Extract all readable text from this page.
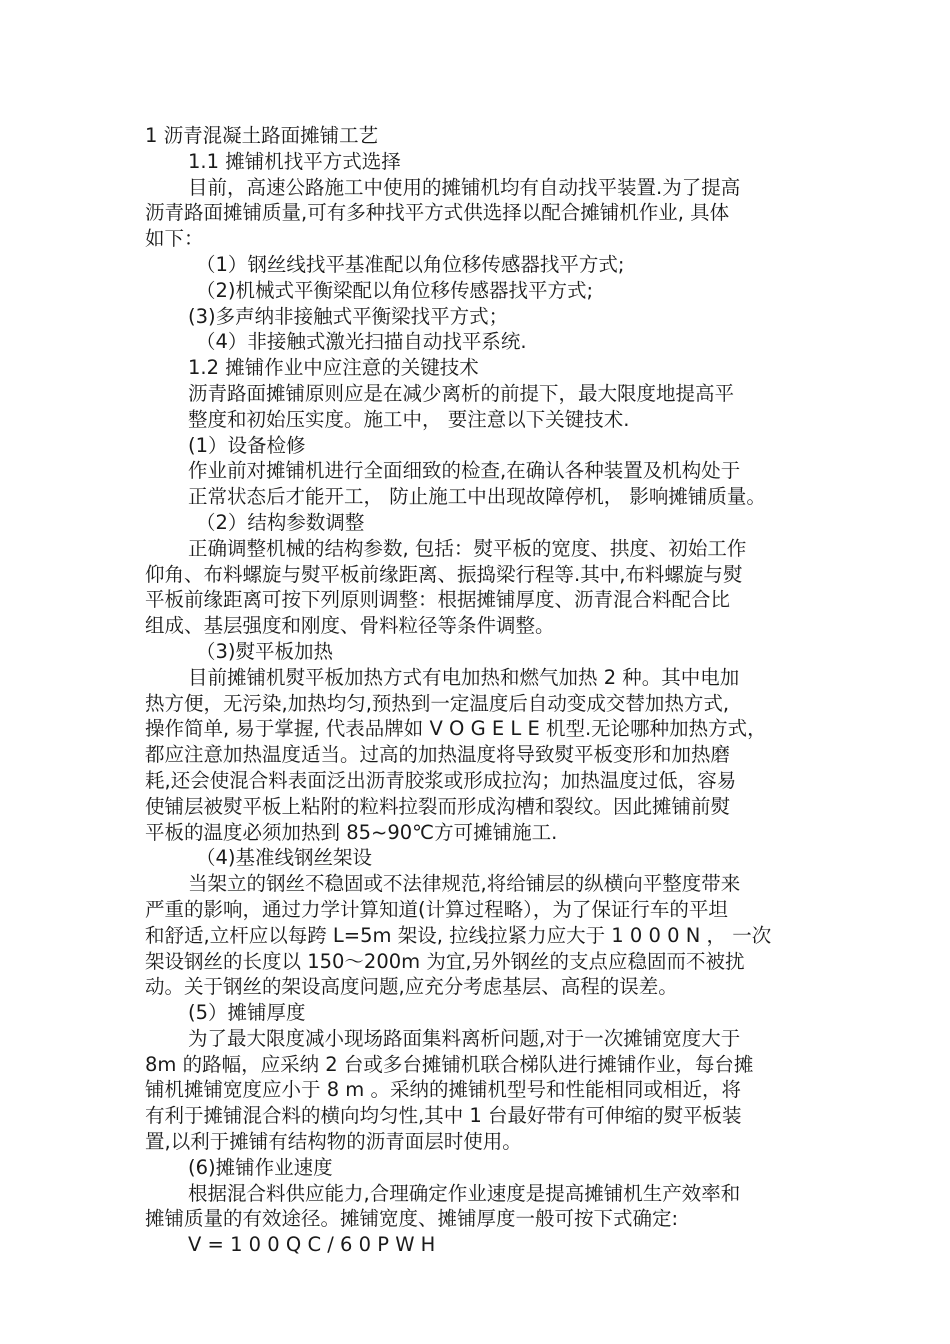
1 沥青混凝土路面摊铺工艺
1.1 摊铺机找平方式选择
目前，高速公路施工中使用的摊铺机均有自动找平装置.为了提高
沥青路面摊铺质量,可有多种找平方式供选择以配合摊铺机作业, 具体
如下：
（1）钢丝线找平基准配以角位移传感器找平方式;
（2)机械式平衡梁配以角位移传感器找平方式;
(3)多声纳非接触式平衡梁找平方式；
（4）非接触式激光扫描自动找平系统.
1.2 摊铺作业中应注意的关键技术
沥青路面摊铺原则应是在减少离析的前提下，最大限度地提高平
整度和初始压实度。施工中， 要注意以下关键技术.
(1）设备检修
作业前对摊铺机进行全面细致的检查,在确认各种装置及机构处于
正常状态后才能开工， 防止施工中出现故障停机， 影响摊铺质量。
（2）结构参数调整
正确调整机械的结构参数, 包括：熨平板的宽度、拱度、初始工作
仰角、布料螺旋与熨平板前缘距离、振捣梁行程等.其中,布料螺旋与熨
平板前缘距离可按下列原则调整：根据摊铺厚度、沥青混合料配合比
组成、基层强度和刚度、骨料粒径等条件调整。
（3)熨平板加热
目前摊铺机熨平板加热方式有电加热和燃气加热 2 种。其中电加
热方便，无污染,加热均匀,预热到一定温度后自动变成交替加热方式,
操作简单, 易于掌握, 代表品牌如 V O G E L E 机型.无论哪种加热方式，
都应注意加热温度适当。过高的加热温度将导致熨平板变形和加热磨
耗,还会使混合料表面泛出沥青胶浆或形成拉沟；加热温度过低，容易
使铺层被熨平板上粘附的粒料拉裂而形成沟槽和裂纹。因此摊铺前熨
平板的温度必须加热到 85~90℃方可摊铺施工.
（4)基准线钢丝架设
当架立的钢丝不稳固或不法律规范,将给铺层的纵横向平整度带来
严重的影响，通过力学计算知道(计算过程略），为了保证行车的平坦
和舒适,立杆应以每跨 L=5m 架设, 拉线拉紧力应大于 1 0 0 0 N ， 一次
架设钢丝的长度以 150～200m 为宜,另外钢丝的支点应稳固而不被扰
动。关于钢丝的架设高度问题,应充分考虑基层、高程的误差。
(5）摊铺厚度
为了最大限度减小现场路面集料离析问题,对于一次摊铺宽度大于
8m 的路幅，应采纳 2 台或多台摊铺机联合梯队进行摊铺作业，每台摊
铺机摊铺宽度应小于 8 m 。采纳的摊铺机型号和性能相同或相近，将
有利于摊铺混合料的横向均匀性,其中 1 台最好带有可伸缩的熨平板装
置,以利于摊铺有结构物的沥青面层时使用。
(6)摊铺作业速度
根据混合料供应能力,合理确定作业速度是提高摊铺机生产效率和
摊铺质量的有效途径。摊铺宽度、摊铺厚度一般可按下式确定:
V = 1 0 0 Q C / 6 0 P W H
